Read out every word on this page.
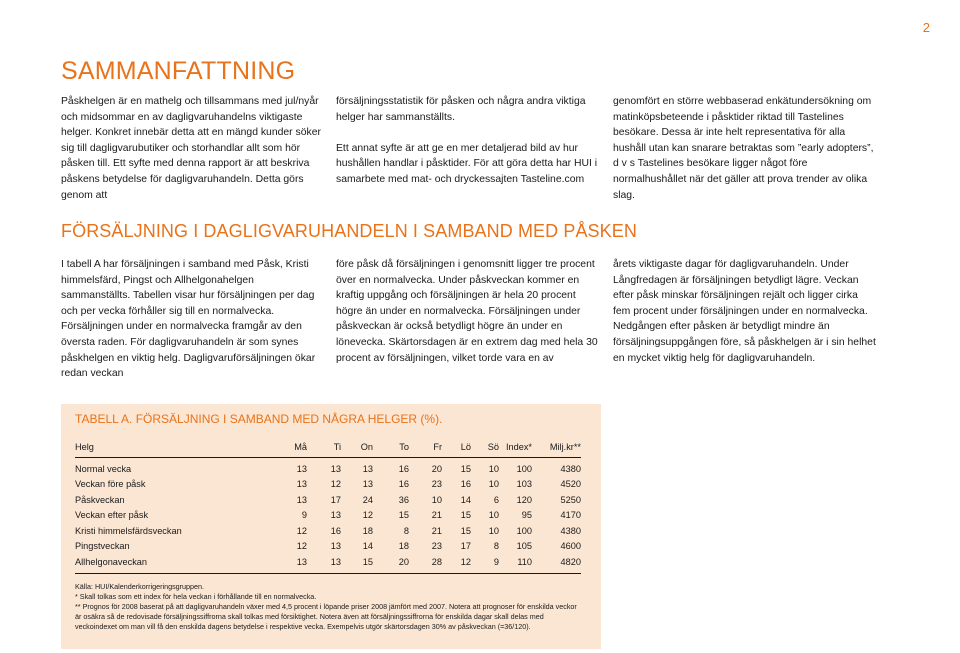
2
SAMMANFATTNING

Påskhelgen är en mathelg och tillsammans med jul/nyår och midsommar en av dagligvaruhandelns viktigaste helger. Konkret innebär detta att en mängd kunder söker sig till dagligvarubutiker och storhandlar allt som hör påsken till. Ett syfte med denna rapport är att beskriva påskens betydelse för dagligvaruhandeln. Detta görs genom att

försäljningsstatistik för påsken och några andra viktiga helger har sammanställts.

Ett annat syfte är att ge en mer detaljerad bild av hur hushållen handlar i påsktider. För att göra detta har HUI i samarbete med mat- och dryckessajten Tasteline.com

genomfört en större webbaserad enkätundersökning om matinköpsbeteende i påsktider riktad till Tastelines besökare. Dessa är inte helt representativa för alla hushåll utan kan snarare betraktas som ”early adopters”, d v s Tastelines besökare ligger något före normalhushållet när det gäller att prova trender av olika slag.

FÖRSÄLJNING I DAGLIGVARUHANDELN I SAMBAND MED PÅSKEN

I tabell A har försäljningen i samband med Påsk, Kristi himmelsfärd, Pingst och Allhelgonahelgen sammanställts. Tabellen visar hur försäljningen per dag och per vecka förhåller sig till en normalvecka. Försäljningen under en normalvecka framgår av den översta raden. För dagligvaruhandeln är som synes påskhelgen en viktig helg. Dagligvaruförsäljningen ökar redan veckan

före påsk då försäljningen i genomsnitt ligger tre procent över en normalvecka. Under påskveckan kommer en kraftig uppgång och försäljningen är hela 20 procent högre än under en normalvecka. Försäljningen under påskveckan är också betydligt högre än under en lönevecka. Skärtorsdagen är en extrem dag med hela 30 procent av försäljningen, vilket torde vara en av

årets viktigaste dagar för dagligvaruhandeln. Under Långfredagen är försäljningen betydligt lägre. Veckan efter påsk minskar försäljningen rejält och ligger cirka fem procent under försäljningen under en normalvecka. Nedgången efter påsken är betydligt mindre än försäljningsuppgången före, så påskhelgen är i sin helhet en mycket viktig helg för dagligvaruhandeln.

TABELL A. FÖRSÄLJNING I SAMBAND MED NÅGRA HELGER (%).
Helg	Må	Ti	On	To	Fr	Lö	Sö	Index*	Milj.kr**
Normal vecka	13	13	13	16	20	15	10	100	4380
Veckan före påsk	13	12	13	16	23	16	10	103	4520
Påskveckan	13	17	24	36	10	14	6	120	5250
Veckan efter påsk	9	13	12	15	21	15	10	95	4170
Kristi himmelsfärdsveckan	12	16	18	8	21	15	10	100	4380
Pingstveckan	12	13	14	18	23	17	8	105	4600
Allhelgonaveckan	13	13	15	20	28	12	9	110	4820

Källa: HUI/Kalenderkorrigeringsgruppen.

* Skall tolkas som ett index för hela veckan i förhållande till en normalvecka.

** Prognos för 2008 baserat på att dagligvaruhandeln växer med 4,5 procent i löpande priser 2008 jämfört med 2007. Notera att prognoser för enskilda veckor är osäkra så de redovisade försäljningssiffrorna skall tolkas med försiktighet. Notera även att försäljningssiffrorna för enskilda dagar skall delas med veckoindexet om man vill få den enskilda dagens betydelse i respektive vecka. Exempelvis utgör skärtorsdagen 30% av påskveckan (=36/120).
